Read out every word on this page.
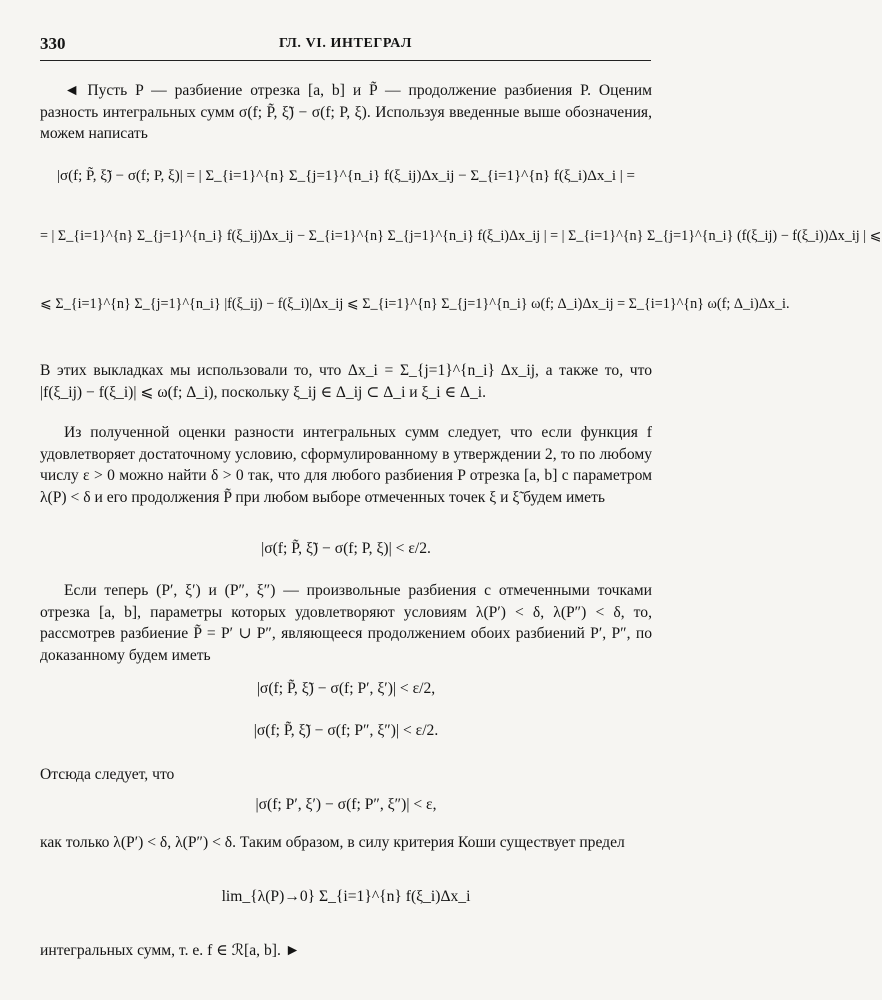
330	ГЛ. VI. ИНТЕГРАЛ

◄ Пусть P — разбиение отрезка [a, b] и P̃ — продолжение разбиения P. Оценим разность интегральных сумм σ(f; P̃, ξ̃) − σ(f; P, ξ). Используя введенные выше обозначения, можем написать

|σ(f; P̃, ξ̃) − σ(f; P, ξ)| = | Σ_{i=1}^{n} Σ_{j=1}^{n_i} f(ξ_ij)Δx_ij − Σ_{i=1}^{n} f(ξ_i)Δx_i | =
= | Σ_{i=1}^{n} Σ_{j=1}^{n_i} f(ξ_ij)Δx_ij − Σ_{i=1}^{n} Σ_{j=1}^{n_i} f(ξ_i)Δx_ij | = | Σ_{i=1}^{n} Σ_{j=1}^{n_i} (f(ξ_ij) − f(ξ_i))Δx_ij | ⩽
⩽ Σ_{i=1}^{n} Σ_{j=1}^{n_i} |f(ξ_ij) − f(ξ_i)|Δx_ij ⩽ Σ_{i=1}^{n} Σ_{j=1}^{n_i} ω(f; Δ_i)Δx_ij = Σ_{i=1}^{n} ω(f; Δ_i)Δx_i.

В этих выкладках мы использовали то, что Δx_i = Σ_{j=1}^{n_i} Δx_ij, а также то, что |f(ξ_ij) − f(ξ_i)| ⩽ ω(f; Δ_i), поскольку ξ_ij ∈ Δ_ij ⊂ Δ_i и ξ_i ∈ Δ_i.

Из полученной оценки разности интегральных сумм следует, что если функция f удовлетворяет достаточному условию, сформулированному в утверждении 2, то по любому числу ε > 0 можно найти δ > 0 так, что для любого разбиения P отрезка [a, b] с параметром λ(P) < δ и его продолжения P̃ при любом выборе отмеченных точек ξ и ξ̃ будем иметь

|σ(f; P̃, ξ̃) − σ(f; P, ξ)| < ε/2.

Если теперь (P′, ξ′) и (P″, ξ″) — произвольные разбиения с отмеченными точками отрезка [a, b], параметры которых удовлетворяют условиям λ(P′) < δ, λ(P″) < δ, то, рассмотрев разбиение P̃ = P′ ∪ P″, являющееся продолжением обоих разбиений P′, P″, по доказанному будем иметь

|σ(f; P̃, ξ̃) − σ(f; P′, ξ′)| < ε/2,
|σ(f; P̃, ξ̃) − σ(f; P″, ξ″)| < ε/2.

Отсюда следует, что

|σ(f; P′, ξ′) − σ(f; P″, ξ″)| < ε,

как только λ(P′) < δ, λ(P″) < δ. Таким образом, в силу критерия Коши существует предел

lim_{λ(P)→0} Σ_{i=1}^{n} f(ξ_i)Δx_i

интегральных сумм, т. е. f ∈ ℛ[a, b]. ►
